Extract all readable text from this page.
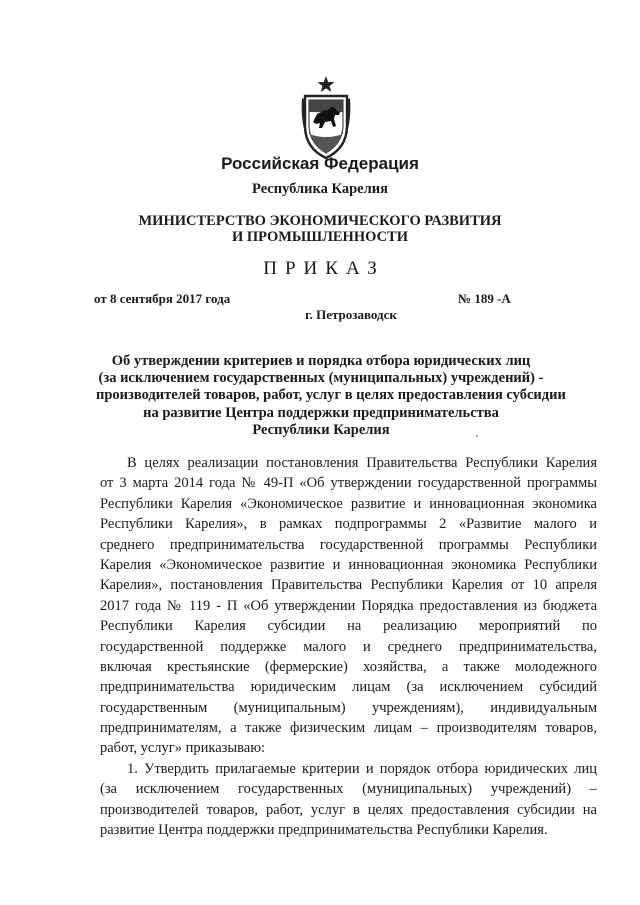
Российская Федерация
Республика Карелия
МИНИСТЕРСТВО ЭКОНОМИЧЕСКОГО РАЗВИТИЯ
И ПРОМЫШЛЕННОСТИ
ПРИКАЗ
от 8 сентября 2017 года	№ 189 -А
г. Петрозаводск
Об утверждении критериев и порядка отбора юридических лиц
(за исключением государственных (муниципальных) учреждений) -
производителей товаров, работ, услуг в целях предоставления субсидии
на развитие Центра поддержки предпринимательства
Республики Карелия
В целях реализации постановления Правительства Республики Карелия
от 3 марта 2014 года № 49-П «Об утверждении государственной программы
Республики Карелия «Экономическое развитие и инновационная экономика
Республики Карелия», в рамках подпрограммы 2 «Развитие малого и
среднего предпринимательства государственной программы Республики
Карелия «Экономическое развитие и инновационная экономика Республики
Карелия», постановления Правительства Республики Карелия от 10 апреля
2017 года № 119 - П «Об утверждении Порядка предоставления из бюджета
Республики Карелия субсидии на реализацию мероприятий по
государственной поддержке малого и среднего предпринимательства,
включая крестьянские (фермерские) хозяйства, а также молодежного
предпринимательства юридическим лицам (за исключением субсидий
государственным (муниципальным) учреждениям), индивидуальным
предпринимателям, а также физическим лицам – производителям товаров,
работ, услуг» приказываю:
1. Утвердить прилагаемые критерии и порядок отбора юридических лиц
(за исключением государственных (муниципальных) учреждений) –
производителей товаров, работ, услуг в целях предоставления субсидии на
развитие Центра поддержки предпринимательства Республики Карелия.
